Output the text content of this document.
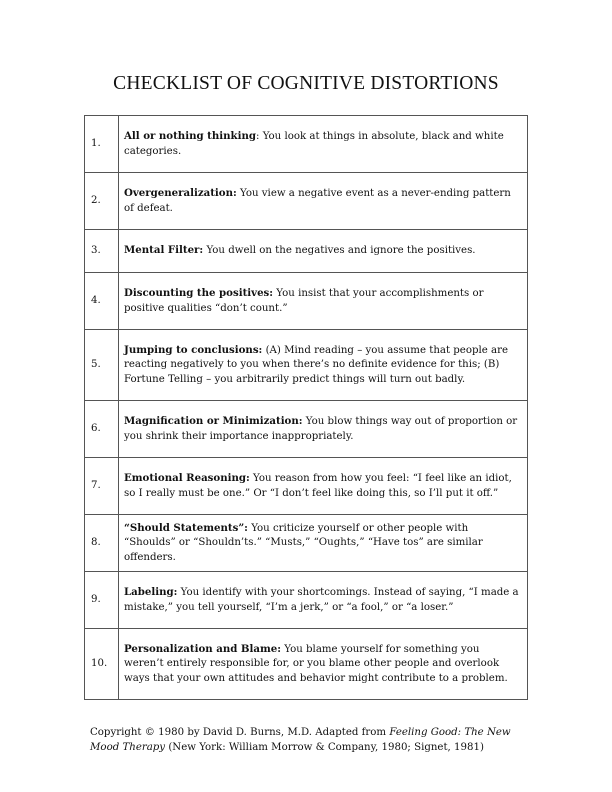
CHECKLIST OF COGNITIVE DISTORTIONS
1.	All or nothing thinking: You look at things in absolute, black and white categories.
2.	Overgeneralization: You view a negative event as a never-ending pattern of defeat.
3.	Mental Filter: You dwell on the negatives and ignore the positives.
4.	Discounting the positives: You insist that your accomplishments or positive qualities “don’t count.”
5.	Jumping to conclusions: (A) Mind reading – you assume that people are reacting negatively to you when there’s no definite evidence for this; (B) Fortune Telling – you arbitrarily predict things will turn out badly.
6.	Magnification or Minimization: You blow things way out of proportion or you shrink their importance inappropriately.
7.	Emotional Reasoning: You reason from how you feel: “I feel like an idiot, so I really must be one.” Or “I don’t feel like doing this, so I’ll put it off.”
8.	“Should Statements”: You criticize yourself or other people with “Shoulds” or “Shouldn’ts.” “Musts,” “Oughts,” “Have tos” are similar offenders.
9.	Labeling: You identify with your shortcomings. Instead of saying, “I made a mistake,” you tell yourself, “I’m a jerk,” or “a fool,” or “a loser.”
10.	Personalization and Blame: You blame yourself for something you weren’t entirely responsible for, or you blame other people and overlook ways that your own attitudes and behavior might contribute to a problem.
Copyright © 1980 by David D. Burns, M.D. Adapted from Feeling Good: The New Mood Therapy (New York: William Morrow & Company, 1980; Signet, 1981)
